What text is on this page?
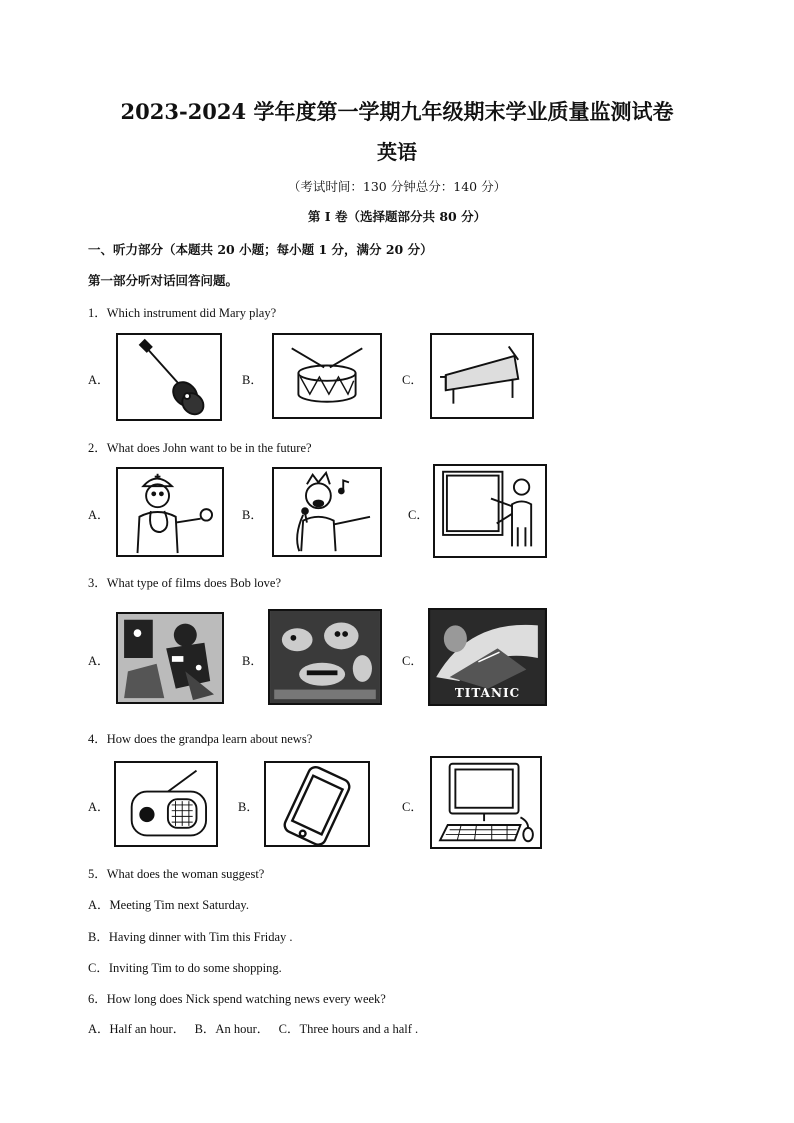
2023-2024 学年度第一学期九年级期末学业质量监测试卷
英语
（考试时间：130 分钟总分：140 分）
第 I 卷（选择题部分共 80 分）
一、听力部分（本题共 20 小题；每小题 1 分，满分 20 分）
第一部分听对话回答问题。
1．Which instrument did Mary play?
A．	B．	C．
2．What does John want to be in the future?
A．	B．	C．
3．What type of films does Bob love?
A．	B．	C．
TITANIC
4．How does the grandpa learn about news?
A．	B．	C．
5．What does the woman suggest?
A．Meeting Tim next Saturday.
B．Having dinner with Tim this Friday .
C．Inviting Tim to do some shopping.
6．How long does Nick spend watching news every week?
A．Half an hour．   B．An hour．   C．Three hours and a half .
